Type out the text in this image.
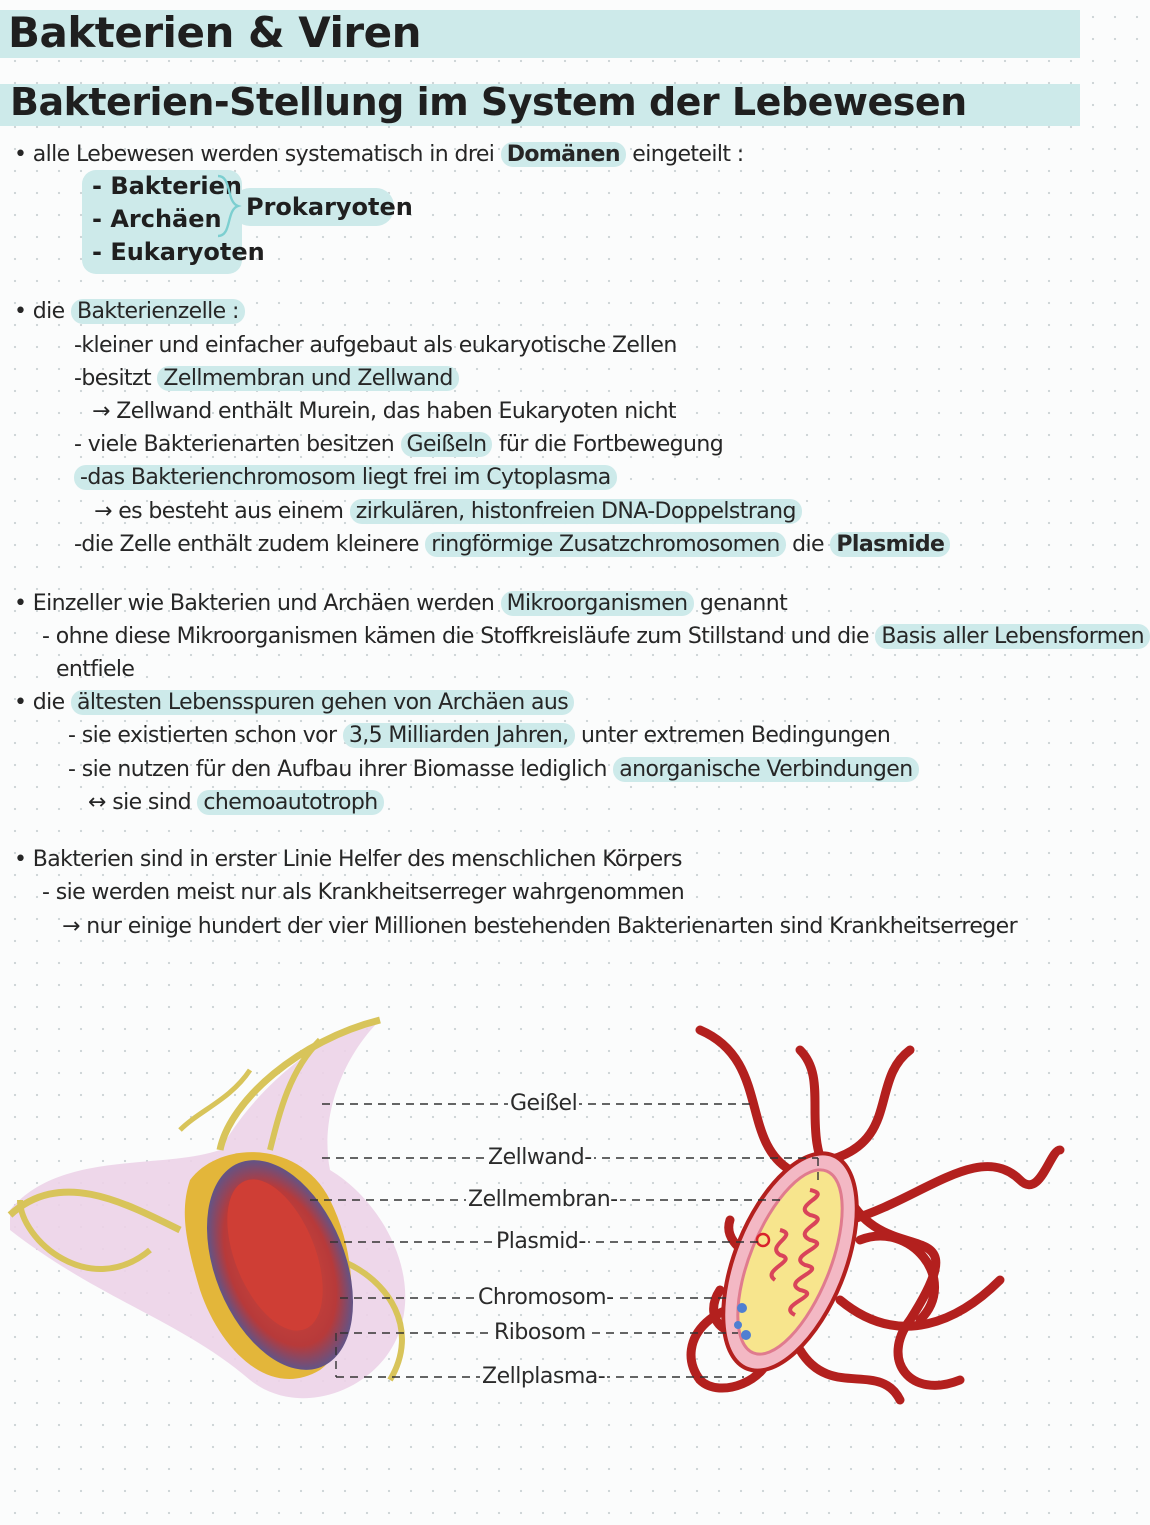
Bakterien & Viren
Bakterien-Stellung im System der Lebewesen
• alle Lebewesen werden systematisch in drei Domänen eingeteilt :
- Bakterien
- Archäen
- Eukaryoten
Prokaryoten
• die Bakterienzelle :
-kleiner und einfacher aufgebaut als eukaryotische Zellen
-besitzt Zellmembran und Zellwand
→ Zellwand enthält Murein, das haben Eukaryoten nicht
- viele Bakterienarten besitzen Geißeln für die Fortbewegung
-das Bakterienchromosom liegt frei im Cytoplasma
→ es besteht aus einem zirkulären, histonfreien DNA-Doppelstrang
-die Zelle enthält zudem kleinere ringförmige Zusatzchromosomen die Plasmide
• Einzeller wie Bakterien und Archäen werden Mikroorganismen genannt
- ohne diese Mikroorganismen kämen die Stoffkreisläufe zum Stillstand und die Basis aller Lebensformen
entfiele
• die ältesten Lebensspuren gehen von Archäen aus
- sie existierten schon vor 3,5 Milliarden Jahren, unter extremen Bedingungen
- sie nutzen für den Aufbau ihrer Biomasse lediglich anorganische Verbindungen
↔ sie sind chemoautotroph
• Bakterien sind in erster Linie Helfer des menschlichen Körpers
- sie werden meist nur als Krankheitserreger wahrgenommen
→ nur einige hundert der vier Millionen bestehenden Bakterienarten sind Krankheitserreger
Geißel
Zellwand-
Zellmembran-
Plasmid-
Chromosom-
Ribosom
Zellplasma-
